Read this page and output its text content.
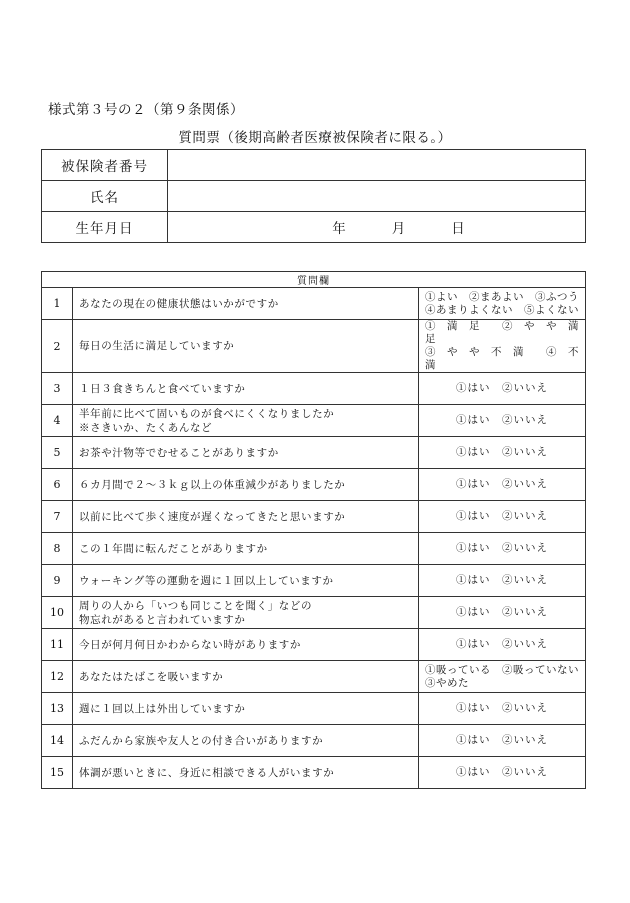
様式第３号の２（第９条関係）
質問票（後期高齢者医療被保険者に限る。）
被保険者番号	
氏名	
生年月日	年 月 日
質問欄		
1	あなたの現在の健康状態はいかがですか	①よい　②まあよい　③ふつう
④あまりよくない　⑤よくない

2	毎日の生活に満足していますか	①　満　足　　②　や　や　満　足
③　や　や　不　満　　④　不　満

3	１日３食きちんと食べていますか	①はい　②いいえ

4	半年前に比べて固いものが食べにくくなりましたか
※さきいか、たくあんなど	①はい　②いいえ

5	お茶や汁物等でむせることがありますか	①はい　②いいえ

6	６カ月間で２～３ｋｇ以上の体重減少がありましたか	①はい　②いいえ

7	以前に比べて歩く速度が遅くなってきたと思いますか	①はい　②いいえ

8	この１年間に転んだことがありますか	①はい　②いいえ

9	ウォーキング等の運動を週に１回以上していますか	①はい　②いいえ

10	周りの人から「いつも同じことを聞く」などの
物忘れがあると言われていますか	①はい　②いいえ

11	今日が何月何日かわからない時がありますか	①はい　②いいえ

12	あなたはたばこを吸いますか	①吸っている　②吸っていない
③やめた

13	週に１回以上は外出していますか	①はい　②いいえ

14	ふだんから家族や友人との付き合いがありますか	①はい　②いいえ

15	体調が悪いときに、身近に相談できる人がいますか	①はい　②いいえ
